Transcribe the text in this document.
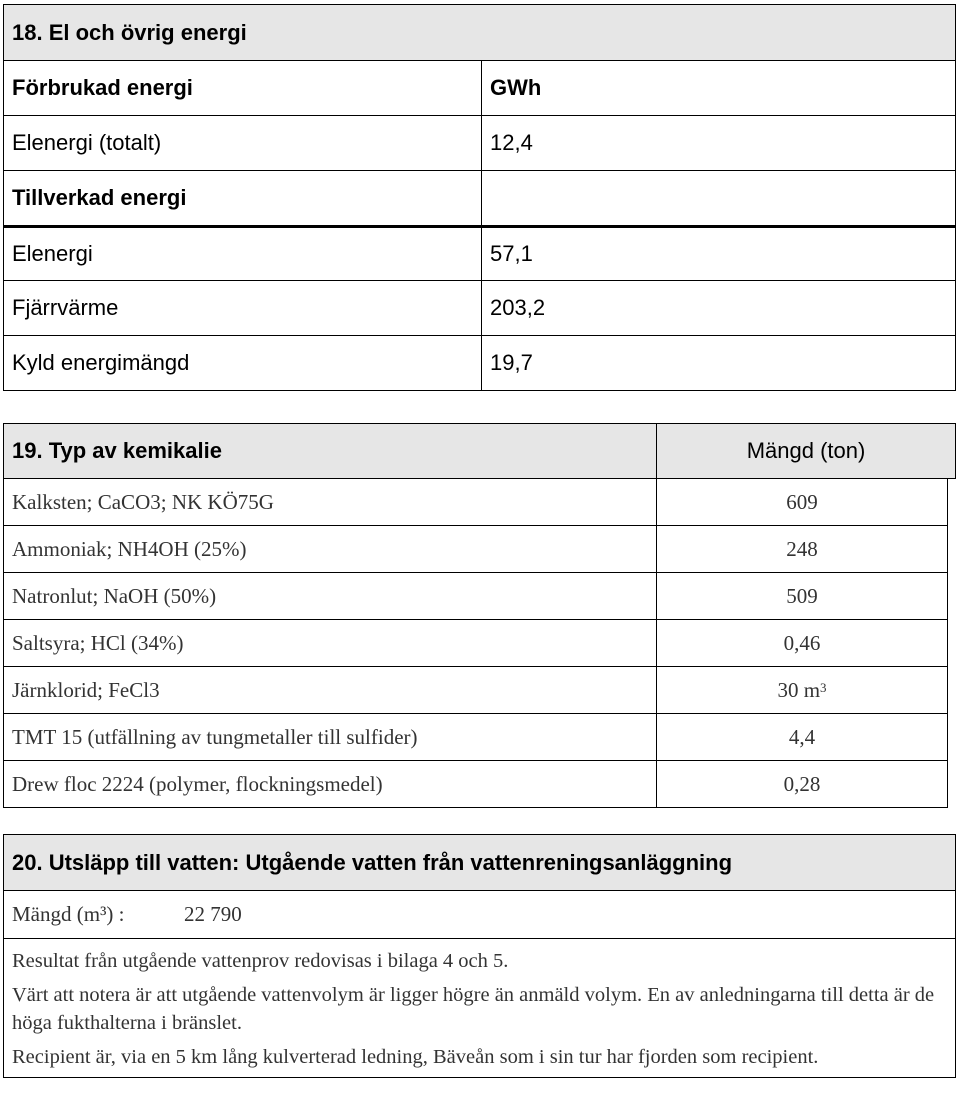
18. El och övrig energi
Förbrukad energi	GWh
Elenergi (totalt)	12,4
Tillverkad energi
Elenergi	57,1
Fjärrvärme	203,2
Kyld energimängd	19,7
19. Typ av kemikalie	Mängd (ton)
Kalksten; CaCO3; NK KÖ75G	609
Ammoniak; NH4OH (25%)	248
Natronlut; NaOH (50%)	509
Saltsyra; HCl (34%)	0,46
Järnklorid; FeCl3	30 $m^3$
TMT 15 (utfällning av tungmetaller till sulfider)	4,4
Drew floc 2224 (polymer, flockningsmedel)	0,28
20. Utsläpp till vatten: Utgående vatten från vattenreningsanläggning
Mängd (m³) :	22 790

Resultat från utgående vattenprov redovisas i bilaga 4 och 5.

Värt att notera är att utgående vattenvolym är ligger högre än anmäld volym. En av anledningarna till detta är de höga fukthalterna i bränslet.

Recipient är, via en 5 km lång kulverterad ledning, Bäveån som i sin tur har fjorden som recipient.
